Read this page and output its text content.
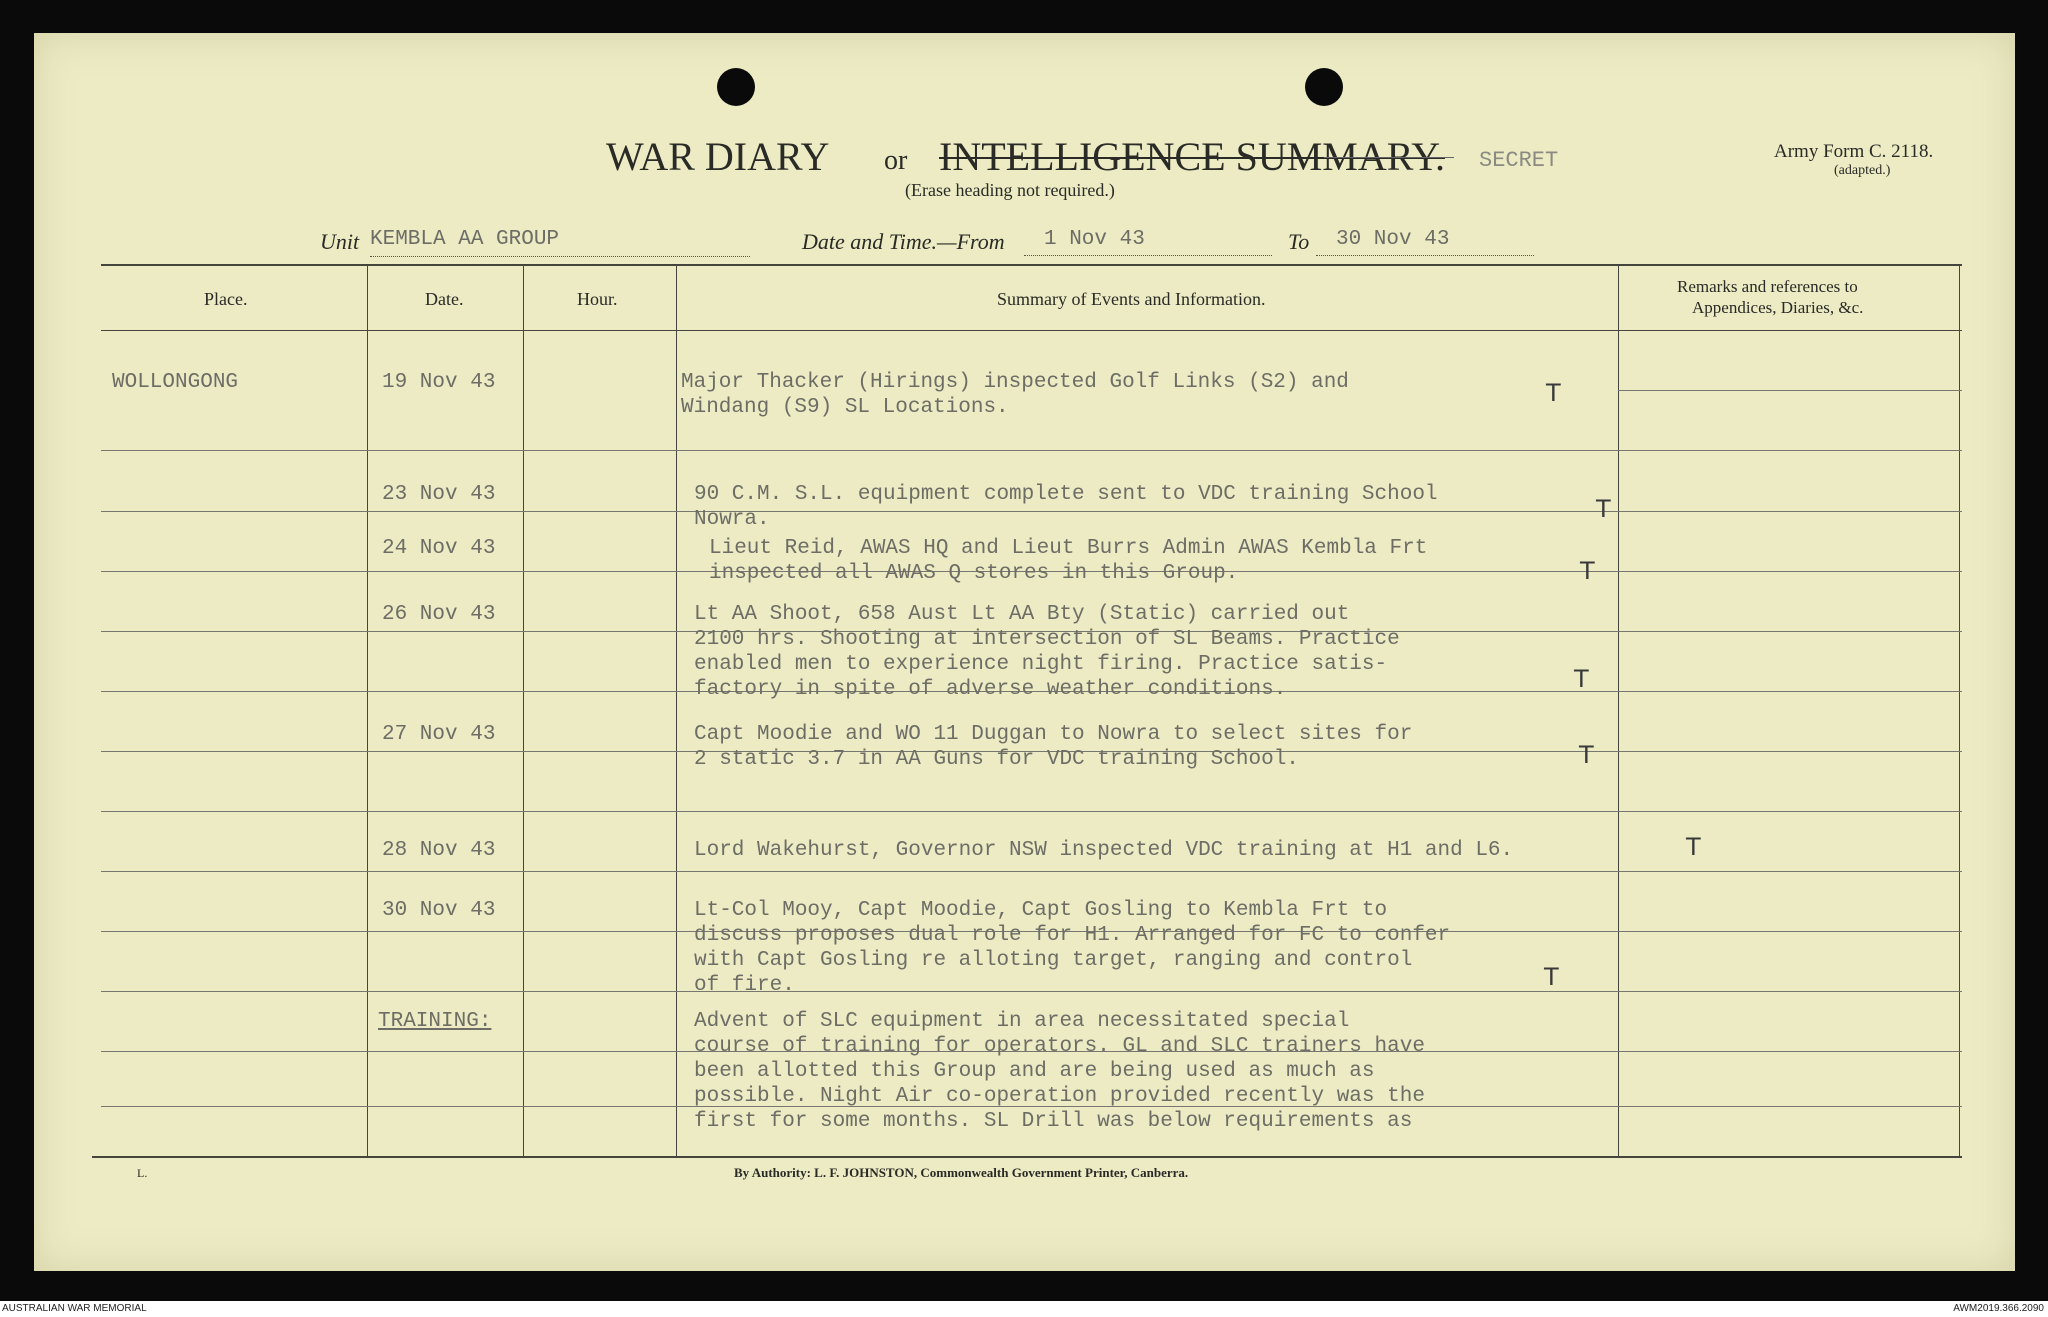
WAR DIARY or INTELLIGENCE SUMMARY. SECRET
(Erase heading not required.)
Army Form C. 2118.
(adapted.)
Unit KEMBLA AA GROUP	Date and Time.—From	1 Nov 43	To	30 Nov 43
Place.	Date.	Hour.	Summary of Events and Information.
Remarks and references to
Appendices, Diaries, &c.
WOLLONGONG	19 Nov 43	Major Thacker (Hirings) inspected Golf Links (S2) and
Windang (S9) SL Locations.
T
23 Nov 43	90 C.M. S.L. equipment complete sent to VDC training School
Nowra.	T
24 Nov 43	Lieut Reid, AWAS HQ and Lieut Burrs Admin AWAS Kembla Frt
inspected all AWAS Q stores in this Group.	T
26 Nov 43	Lt AA Shoot, 658 Aust Lt AA Bty (Static) carried out
2100 hrs. Shooting at intersection of SL Beams. Practice
enabled men to experience night firing. Practice satis-
factory in spite of adverse weather conditions.	T
27 Nov 43	Capt Moodie and WO 11 Duggan to Nowra to select sites for
2 static 3.7 in AA Guns for VDC training School.	T
28 Nov 43	Lord Wakehurst, Governor NSW inspected VDC training at H1 and L6.	T
30 Nov 43	Lt-Col Mooy, Capt Moodie, Capt Gosling to Kembla Frt to
discuss proposes dual role for H1. Arranged for FC to confer
with Capt Gosling re alloting target, ranging and control
of fire.	T
TRAINING:	Advent of SLC equipment in area necessitated special
course of training for operators. GL and SLC trainers have
been allotted this Group and are being used as much as
possible. Night Air co-operation provided recently was the
first for some months. SL Drill was below requirements as
L.	By Authority: L. F. JOHNSTON, Commonwealth Government Printer, Canberra.
AUSTRALIAN WAR MEMORIAL	AWM2019.366.2090
